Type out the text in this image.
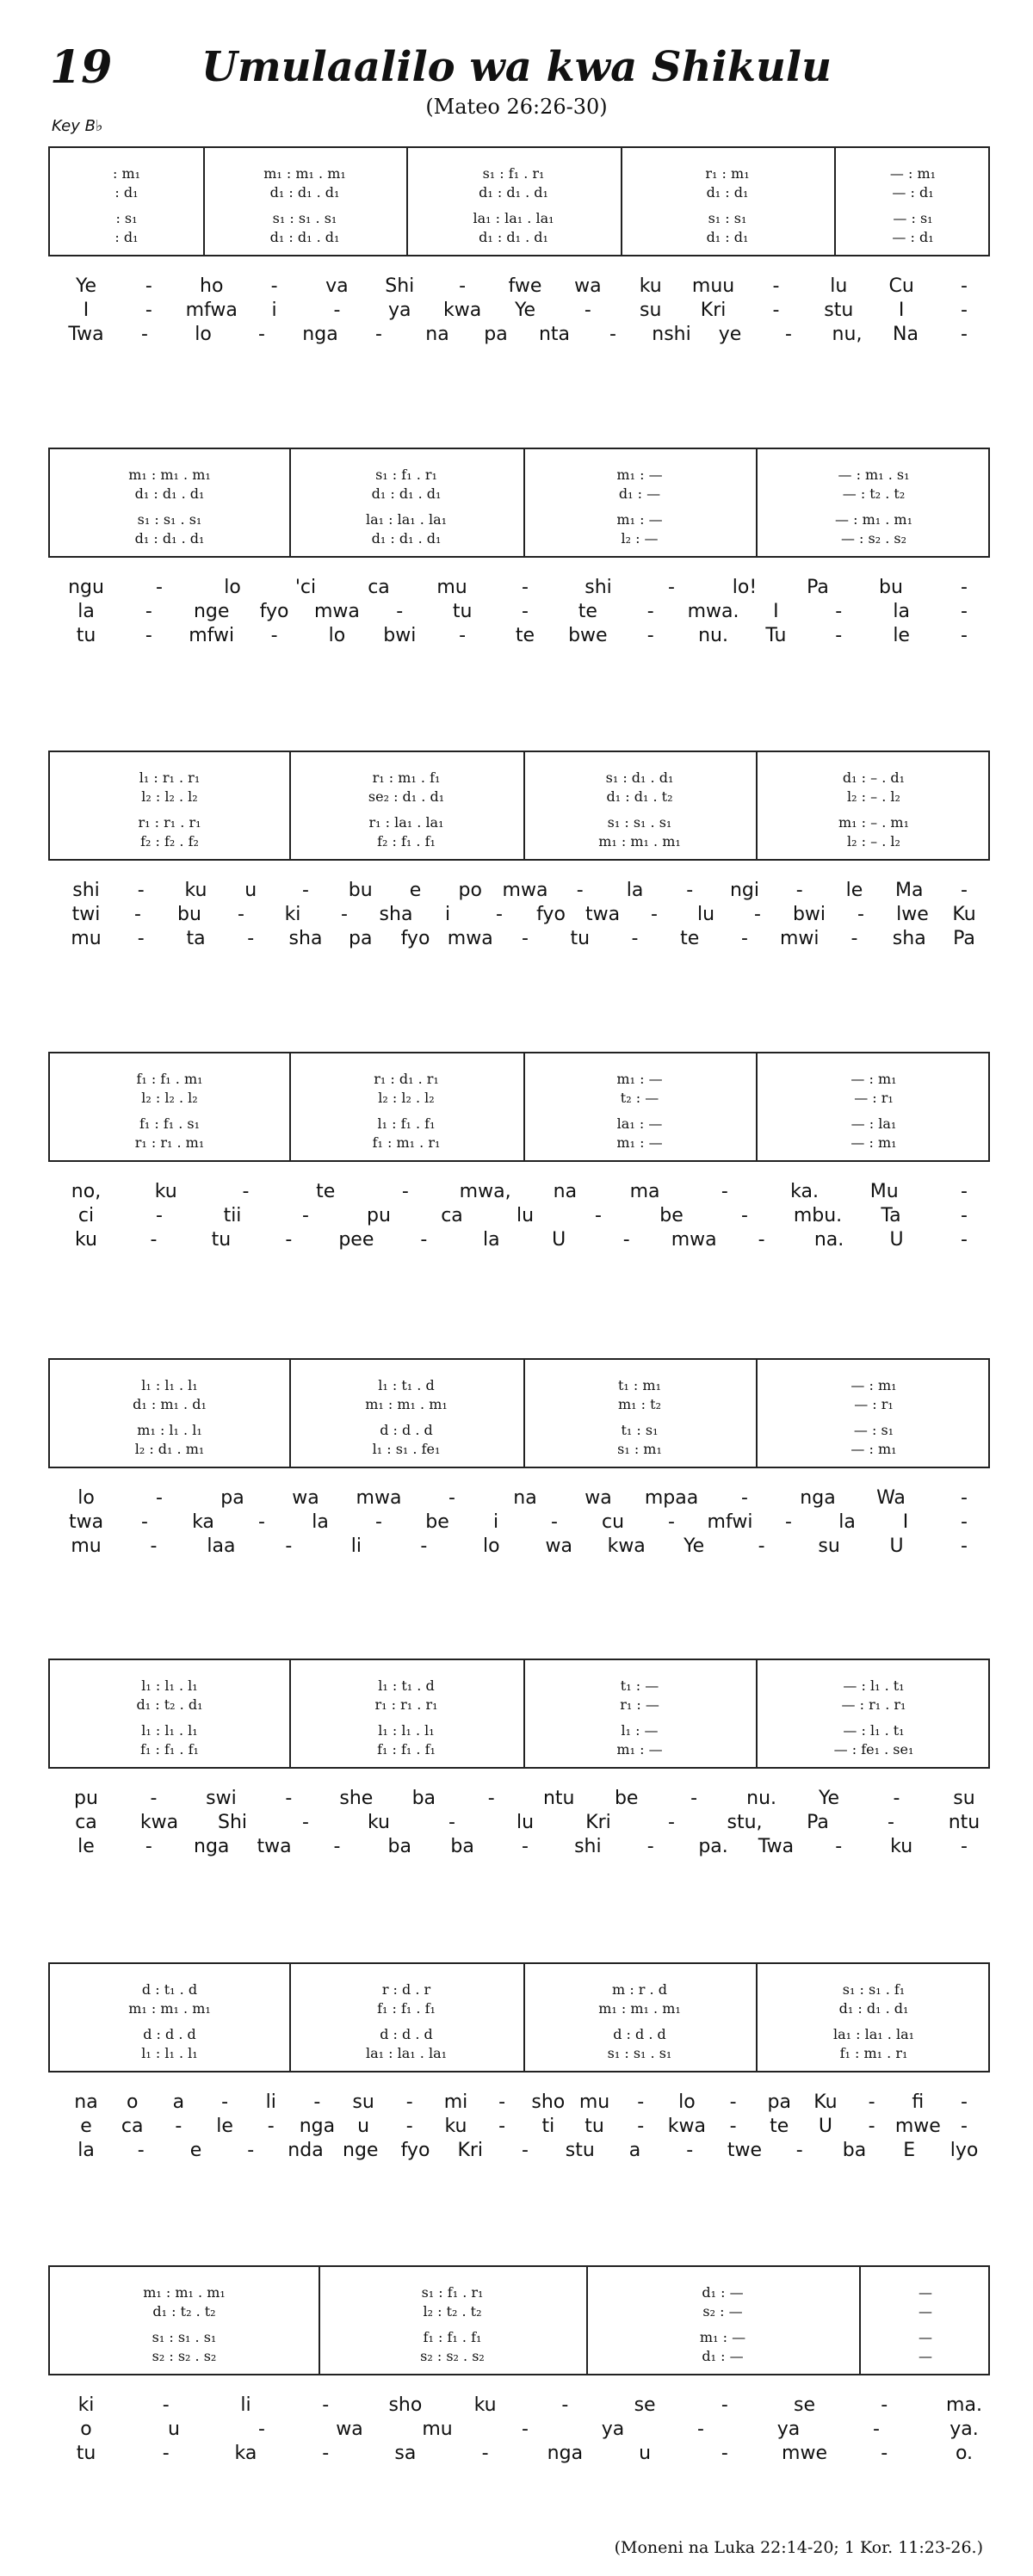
19	Umulaalilo wa kwa Shikulu
(Mateo 26:26-30)
Key B♭
: m₁	m₁ : m₁ . m₁	s₁ : f₁ . r₁	r₁ : m₁	— : m₁
: d₁	d₁ : d₁ . d₁	d₁ : d₁ . d₁	d₁ : d₁	— : d₁
: s₁	s₁ : s₁ . s₁	la₁ : la₁ . la₁	s₁ : s₁	— : s₁
: d₁	d₁ : d₁ . d₁	d₁ : d₁ . d₁	d₁ : d₁	— : d₁
Ye	-	ho	-	va Shi - fwe wa ku muu -	lu Cu -
I	- mfwa i	-	ya kwa Ye	-	su Kri - stu I	-
Twa - lo - nga - na pa nta - nshi ye - nu, Na -
m₁ : m₁ . m₁	s₁ : f₁ . r₁	m₁ : —	— : m₁ . s₁
d₁ : d₁ . d₁	d₁ : d₁ . d₁	d₁ : —	— : t₂ . t₂
s₁ : s₁ . s₁	la₁ : la₁ . la₁	m₁ : —	— : m₁ . m₁
d₁ : d₁ . d₁	d₁ : d₁ . d₁	l₂ : —	— : s₂ . s₂
ngu	-	lo	'ci	ca mu	-	shi	-	lo!	Pa	bu	-
la	- nge fyo mwa -	tu	-	te	- mwa. I	-	la	-
tu	- mfwi -	lo bwi -	te bwe - nu. Tu	-	le	-
l₁ : r₁ . r₁	r₁ : m₁ . f₁	s₁ : d₁ . d₁	d₁ : – . d₁
l₂ : l₂ . l₂	se₂ : d₁ . d₁	d₁ : d₁ . t₂	l₂ : – . l₂
r₁ : r₁ . r₁	r₁ : la₁ . la₁	s₁ : s₁ . s₁	m₁ : – . m₁
f₂ : f₂ . f₂	f₂ : f₁ . f₁	m₁ : m₁ . m₁	l₂ : – . l₂
shi - ku u - bu e po mwa - la - ngi - le Ma -
twi - bu - ki - sha i - fyo twa - lu - bwi - lwe Ku
mu - ta - sha pa fyo mwa - tu - te - mwi - sha Pa
f₁ : f₁ . m₁	r₁ : d₁ . r₁	m₁ : —	— : m₁
l₂ : l₂ . l₂	l₂ : l₂ . l₂	t₂ : —	— : r₁
f₁ : f₁ . s₁	l₁ : f₁ . f₁	la₁ : —	— : la₁
r₁ : r₁ . m₁	f₁ : m₁ . r₁	m₁ : —	— : m₁
no,	ku	-	te	-	mwa, na	ma	-	ka.	Mu	-
ci	-	tii	-	pu	ca	lu	-	be	- mbu. Ta	-
ku	-	tu	- pee -	la	U	- mwa -	na. U	-
l₁ : l₁ . l₁	l₁ : t₁ . d	t₁ : m₁	— : m₁
d₁ : m₁ . d₁	m₁ : m₁ . m₁	m₁ : t₂	— : r₁
m₁ : l₁ . l₁	d : d . d	t₁ : s₁	— : s₁
l₂ : d₁ . m₁	l₁ : s₁ . fe₁	s₁ : m₁	— : m₁
lo	-	pa	wa mwa -	na	wa mpaa -	nga Wa	-
twa - ka - la - be i	- cu - mfwi - la I	-
mu	-	laa	-	li	-	lo wa kwa Ye	-	su	U	-
l₁ : l₁ . l₁	l₁ : t₁ . d	t₁ : —	— : l₁ . t₁
d₁ : t₂ . d₁	r₁ : r₁ . r₁	r₁ : —	— : r₁ . r₁
l₁ : l₁ . l₁	l₁ : l₁ . l₁	l₁ : —	— : l₁ . t₁
f₁ : f₁ . f₁	f₁ : f₁ . f₁	m₁ : —	— : fe₁ . se₁
pu	-	swi	-	she ba	-	ntu be	-	nu. Ye	-	su
ca kwa Shi	-	ku	-	lu	Kri	-	stu, Pa	-	ntu
le	- nga twa -	ba ba	- shi - pa. Twa -	ku	-
d : t₁ . d	r : d . r	m : r . d	s₁ : s₁ . f₁
m₁ : m₁ . m₁	f₁ : f₁ . f₁	m₁ : m₁ . m₁	d₁ : d₁ . d₁
d : d . d	d : d . d	d : d . d	la₁ : la₁ . la₁
l₁ : l₁ . l₁	la₁ : la₁ . la₁	s₁ : s₁ . s₁	f₁ : m₁ . r₁
na o a - li - su - mi - sho mu - lo - pa Ku - fi -
e ca - le - nga u - ku - ti tu - kwa - te U - mwe -
la - e - nda nge fyo Kri - stu a - twe - ba E lyo
m₁ : m₁ . m₁	s₁ : f₁ . r₁	d₁ : —	—
d₁ : t₂ . t₂	l₂ : t₂ . t₂	s₂ : —	—
s₁ : s₁ . s₁	f₁ : f₁ . f₁	m₁ : —	—
s₂ : s₂ . s₂	s₂ : s₂ . s₂	d₁ : —	—
ki	-	li	-	sho	ku	-	se	-	se	-	ma.
o	u	-	wa	mu	-	ya	-	ya	-	ya.
tu	-	ka	-	sa	-	nga	u	-	mwe	-	o.
(Moneni na Luka 22:14-20; 1 Kor. 11:23-26.)
